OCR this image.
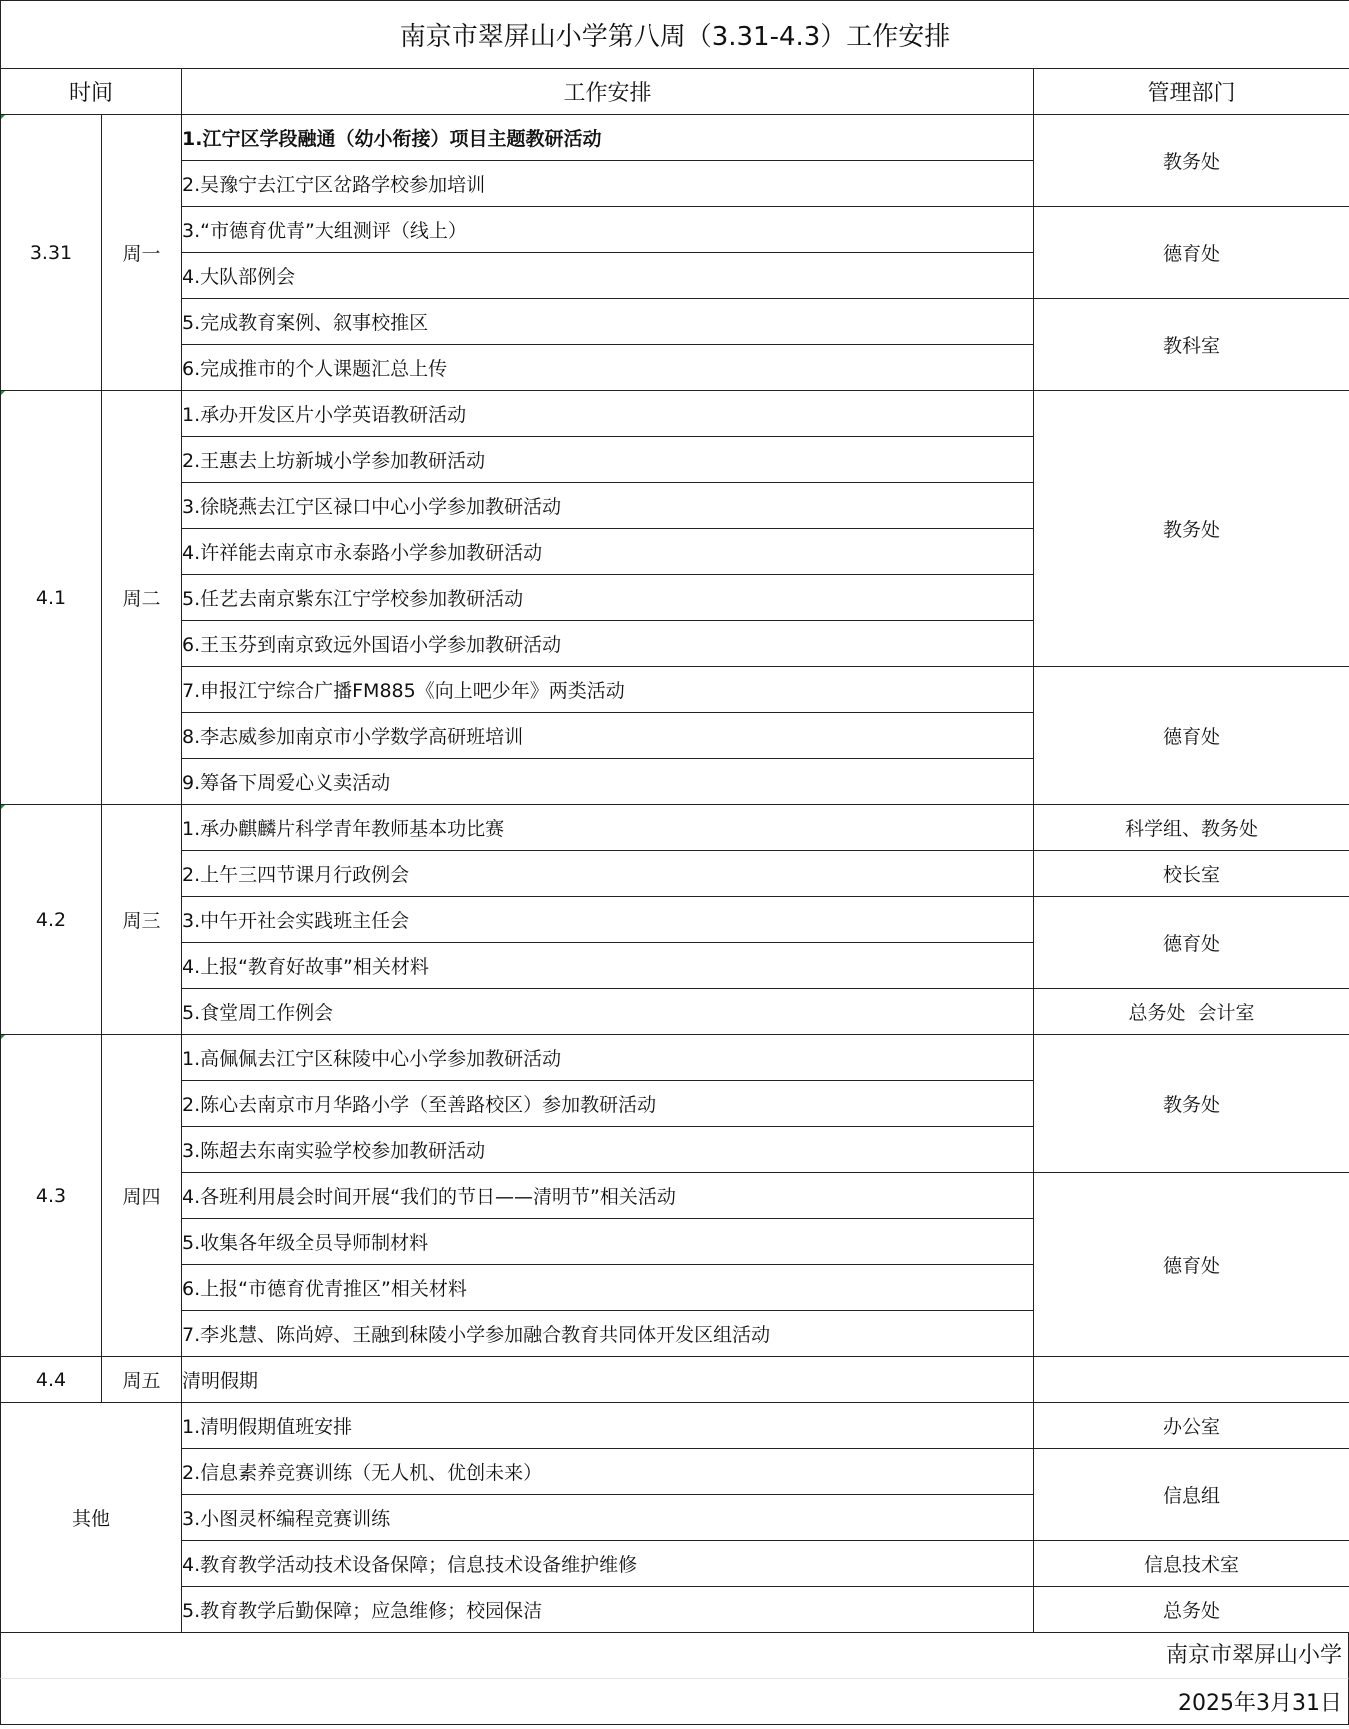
南京市翠屏山小学第八周（3.31-4.3）工作安排			
时间		工作安排	管理部门
3.31	周一	1.江宁区学段融通（幼小衔接）项目主题教研活动	教务处
		2.吴豫宁去江宁区岔路学校参加培训	
		3.“市德育优青”大组测评（线上）	德育处
		4.大队部例会	
		5.完成教育案例、叙事校推区	教科室
		6.完成推市的个人课题汇总上传	
4.1	周二	1.承办开发区片小学英语教研活动	教务处
		2.王惠去上坊新城小学参加教研活动	
		3.徐晓燕去江宁区禄口中心小学参加教研活动	
		4.许祥能去南京市永泰路小学参加教研活动	
		5.任艺去南京紫东江宁学校参加教研活动	
		6.王玉芬到南京致远外国语小学参加教研活动	
		7.申报江宁综合广播FM885《向上吧少年》两类活动	德育处
		8.李志威参加南京市小学数学高研班培训	
		9.筹备下周爱心义卖活动	
4.2	周三	1.承办麒麟片科学青年教师基本功比赛	科学组、教务处
		2.上午三四节课月行政例会	校长室
		3.中午开社会实践班主任会	德育处
		4.上报“教育好故事”相关材料	
		5.食堂周工作例会	总务处  会计室
4.3	周四	1.高佩佩去江宁区秣陵中心小学参加教研活动	教务处
		2.陈心去南京市月华路小学（至善路校区）参加教研活动	
		3.陈超去东南实验学校参加教研活动	
		4.各班利用晨会时间开展“我们的节日——清明节”相关活动	德育处
		5.收集各年级全员导师制材料	
		6.上报“市德育优青推区”相关材料	
		7.李兆慧、陈尚婷、王融到秣陵小学参加融合教育共同体开发区组活动	
4.4	周五	清明假期	
其他		1.清明假期值班安排	办公室
		2.信息素养竞赛训练（无人机、优创未来）	信息组
		3.小图灵杯编程竞赛训练	
		4.教育教学活动技术设备保障；信息技术设备维护维修	信息技术室
		5.教育教学后勤保障；应急维修；校园保洁	总务处
南京市翠屏山小学
2025年3月31日
